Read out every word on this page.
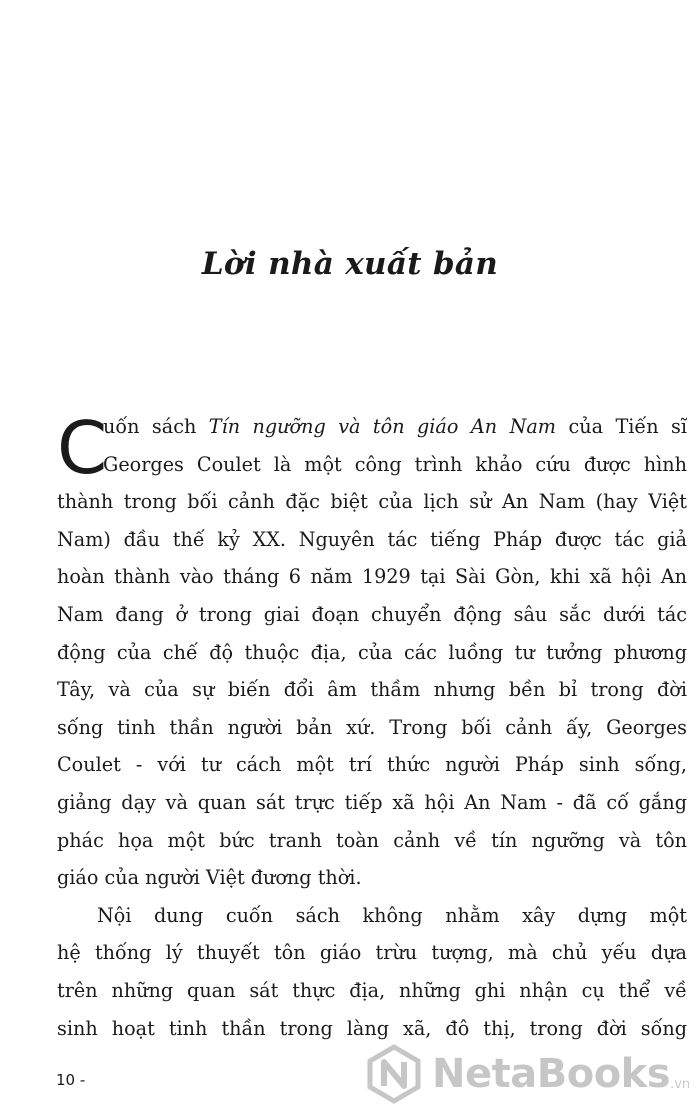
Lời nhà xuất bản
C
uốn sách Tín ngưỡng và tôn giáo An Nam của Tiến sĩ
Georges Coulet là một công trình khảo cứu được hình
thành trong bối cảnh đặc biệt của lịch sử An Nam (hay Việt
Nam) đầu thế kỷ XX. Nguyên tác tiếng Pháp được tác giả
hoàn thành vào tháng 6 năm 1929 tại Sài Gòn, khi xã hội An
Nam đang ở trong giai đoạn chuyển động sâu sắc dưới tác
động của chế độ thuộc địa, của các luồng tư tưởng phương
Tây, và của sự biến đổi âm thầm nhưng bền bỉ trong đời
sống tinh thần người bản xứ. Trong bối cảnh ấy, Georges
Coulet - với tư cách một trí thức người Pháp sinh sống,
giảng dạy và quan sát trực tiếp xã hội An Nam - đã cố gắng
phác họa một bức tranh toàn cảnh về tín ngưỡng và tôn
giáo của người Việt đương thời.
Nội dung cuốn sách không nhằm xây dựng một
hệ thống lý thuyết tôn giáo trừu tượng, mà chủ yếu dựa
trên những quan sát thực địa, những ghi nhận cụ thể về
sinh hoạt tinh thần trong làng xã, đô thị, trong đời sống
10 -	NetaBooks .vn
